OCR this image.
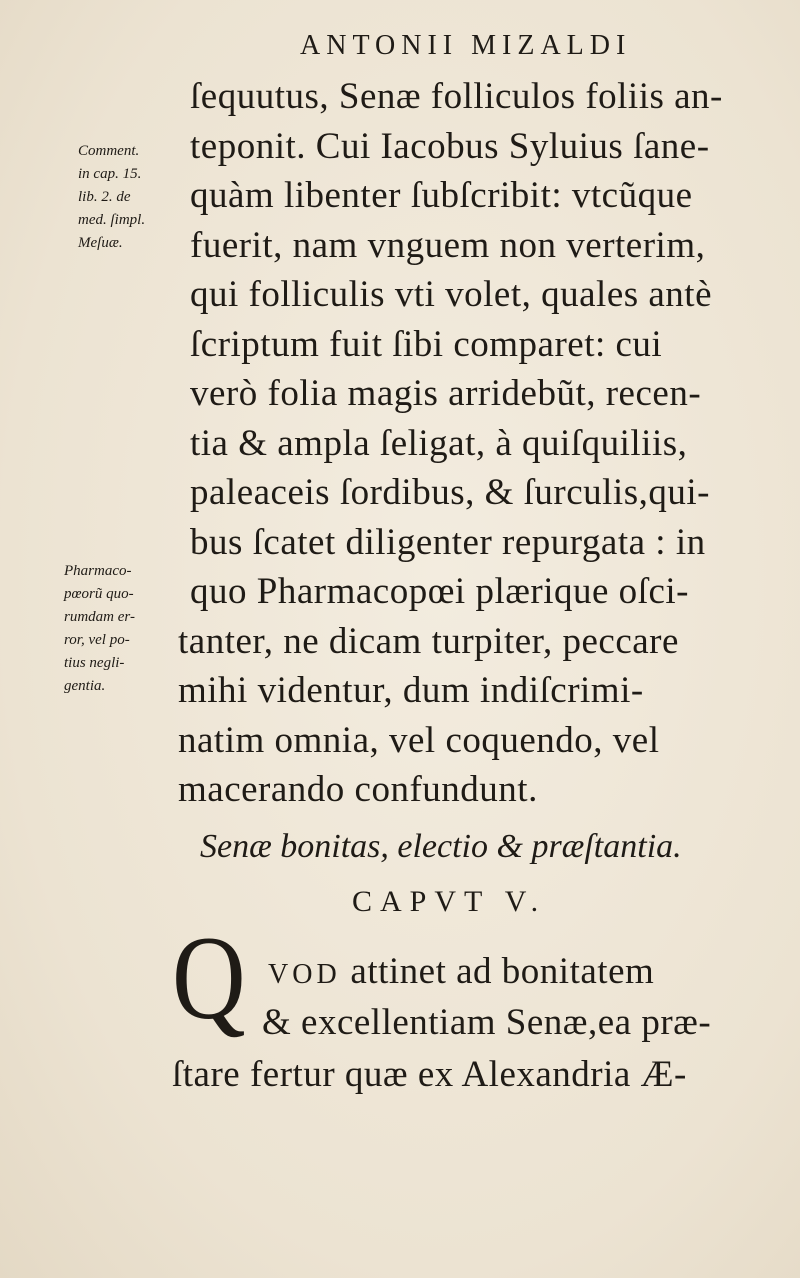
ANTONII MIZALDI
Comment.
in cap. 15.
lib. 2. de
med. ſimpl.
Meſuæ.
Pharmaco-
pœorũ quo-
rumdam er-
ror, vel po-
tius negli-
gentia.
ſequutus, Senæ folliculos foliis an-
teponit. Cui Iacobus Syluius ſane-
quàm libenter ſubſcribit: vtcũque
fuerit, nam vnguem non verterim,
qui folliculis vti volet, quales antè
ſcriptum fuit ſibi comparet: cui
verò folia magis arridebũt, recen-
tia & ampla ſeligat, à quiſquiliis,
paleaceis ſordibus, & ſurculis,qui-
bus ſcatet diligenter repurgata : in
quo Pharmacopœi plærique oſci-
tanter, ne dicam turpiter, peccare
mihi videntur, dum indiſcrimi-
natim omnia, vel coquendo, vel
macerando confundunt.
Senæ bonitas, electio & præſtantia.
CAPVT V.
Q VOD attinet ad bonitatem
& excellentiam Senæ,ea præ-
ſtare fertur quæ ex Alexandria Æ-
